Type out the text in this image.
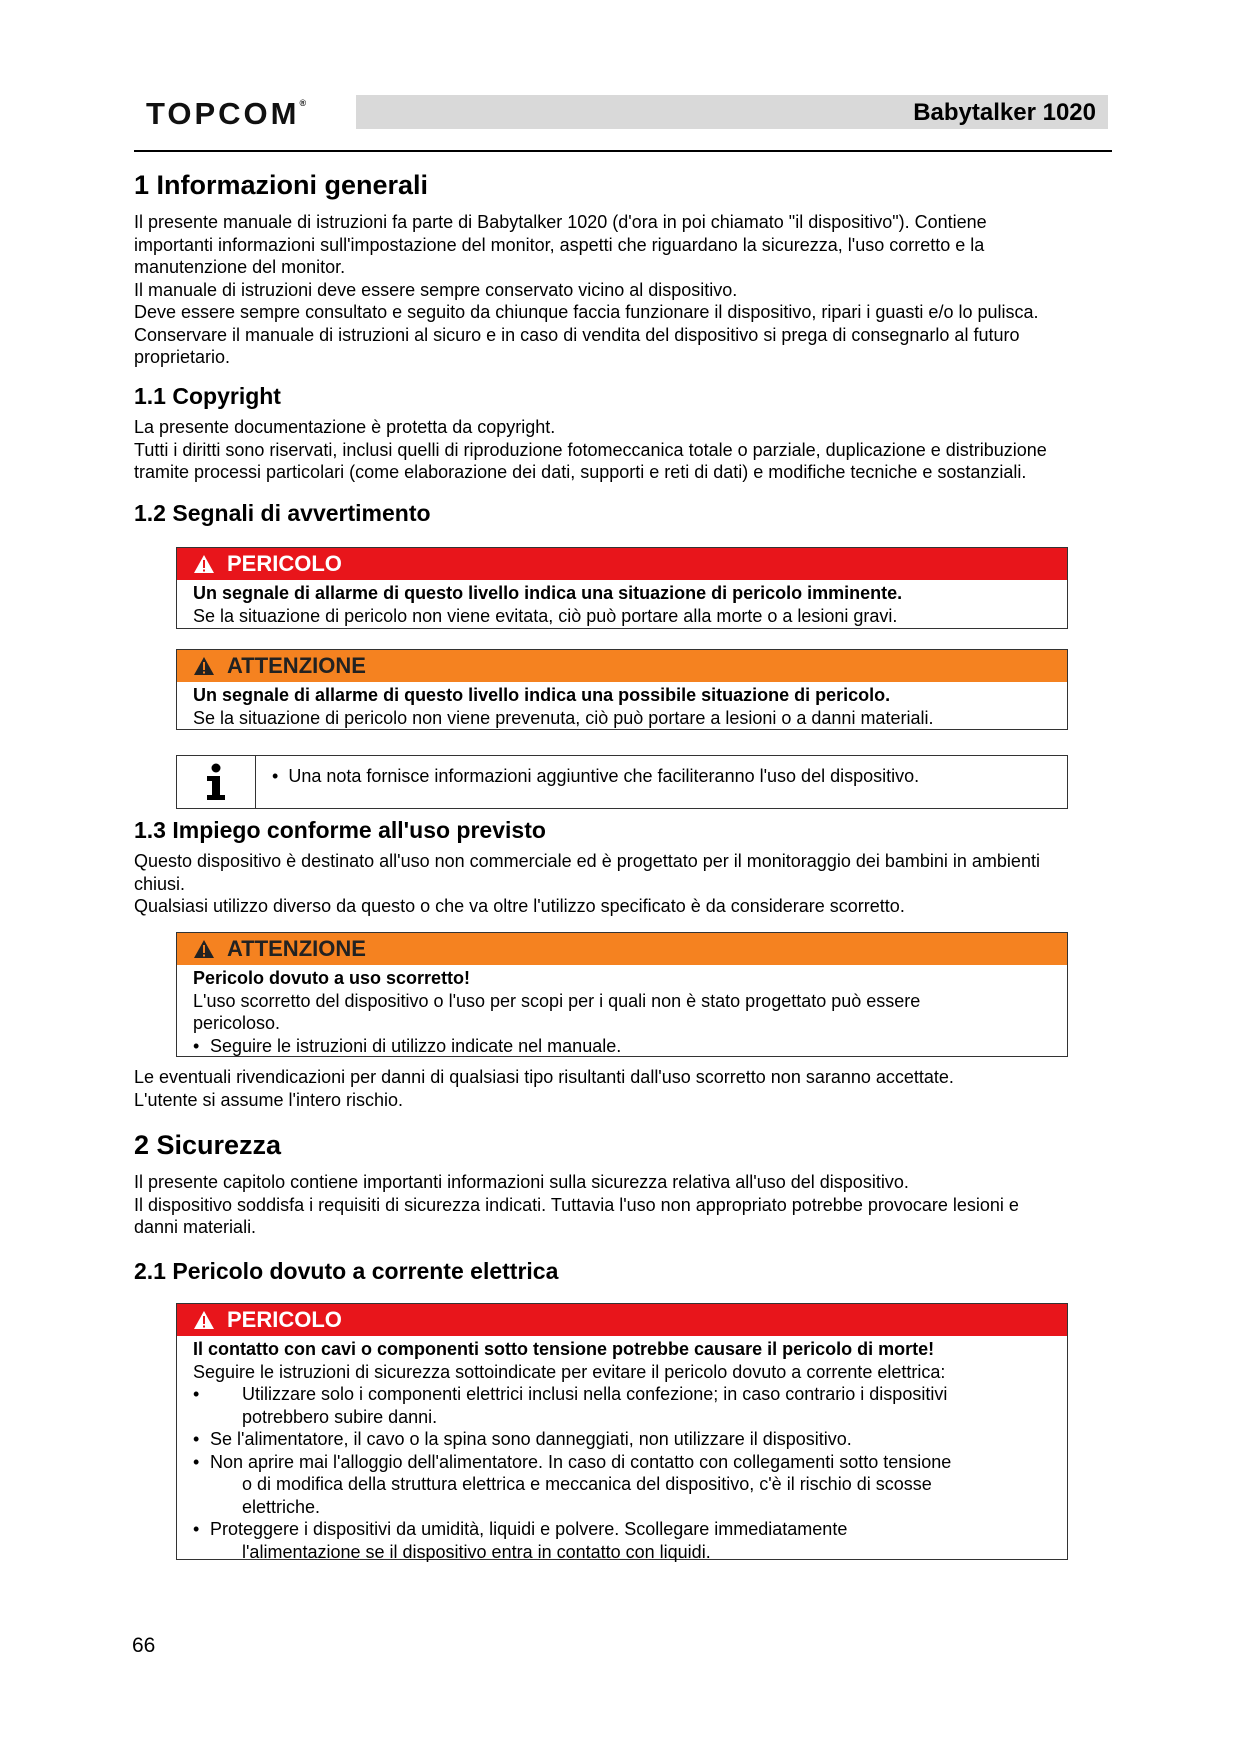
TOPCOM®	Babytalker 1020
1 Informazioni generali

Il presente manuale di istruzioni fa parte di Babytalker 1020 (d'ora in poi chiamato "il dispositivo"). Contiene

importanti informazioni sull'impostazione del monitor, aspetti che riguardano la sicurezza, l'uso corretto e la

manutenzione del monitor.

Il manuale di istruzioni deve essere sempre conservato vicino al dispositivo.

Deve essere sempre consultato e seguito da chiunque faccia funzionare il dispositivo, ripari i guasti e/o lo pulisca.

Conservare il manuale di istruzioni al sicuro e in caso di vendita del dispositivo si prega di consegnarlo al futuro

proprietario.

1.1 Copyright

La presente documentazione è protetta da copyright.

Tutti i diritti sono riservati, inclusi quelli di riproduzione fotomeccanica totale o parziale, duplicazione e distribuzione

tramite processi particolari (come elaborazione dei dati, supporti e reti di dati) e modifiche tecniche e sostanziali.

1.2 Segnali di avvertimento
PERICOLO
Un segnale di allarme di questo livello indica una situazione di pericolo imminente.
Se la situazione di pericolo non viene evitata, ciò può portare alla morte o a lesioni gravi.
ATTENZIONE
Un segnale di allarme di questo livello indica una possibile situazione di pericolo.
Se la situazione di pericolo non viene prevenuta, ciò può portare a lesioni o a danni materiali.
• Una nota fornisce informazioni aggiuntive che faciliteranno l'uso del dispositivo.
1.3 Impiego conforme all'uso previsto

Questo dispositivo è destinato all'uso non commerciale ed è progettato per il monitoraggio dei bambini in ambienti

chiusi.

Qualsiasi utilizzo diverso da questo o che va oltre l'utilizzo specificato è da considerare scorretto.

ATTENZIONE
Pericolo dovuto a uso scorretto!
L'uso scorretto del dispositivo o l'uso per scopi per i quali non è stato progettato può essere
pericoloso.
• Seguire le istruzioni di utilizzo indicate nel manuale.

Le eventuali rivendicazioni per danni di qualsiasi tipo risultanti dall'uso scorretto non saranno accettate.

L'utente si assume l'intero rischio.

2 Sicurezza

Il presente capitolo contiene importanti informazioni sulla sicurezza relativa all'uso del dispositivo.

Il dispositivo soddisfa i requisiti di sicurezza indicati. Tuttavia l'uso non appropriato potrebbe provocare lesioni e

danni materiali.

2.1 Pericolo dovuto a corrente elettrica
PERICOLO
Il contatto con cavi o componenti sotto tensione potrebbe causare il pericolo di morte!
Seguire le istruzioni di sicurezza sottoindicate per evitare il pericolo dovuto a corrente elettrica:
• Utilizzare solo i componenti elettrici inclusi nella confezione; in caso contrario i dispositivi
potrebbero subire danni.
• Se l'alimentatore, il cavo o la spina sono danneggiati, non utilizzare il dispositivo.
• Non aprire mai l'alloggio dell'alimentatore. In caso di contatto con collegamenti sotto tensione
o di modifica della struttura elettrica e meccanica del dispositivo, c'è il rischio di scosse
elettriche.
• Proteggere i dispositivi da umidità, liquidi e polvere. Scollegare immediatamente
l'alimentazione se il dispositivo entra in contatto con liquidi.
66
